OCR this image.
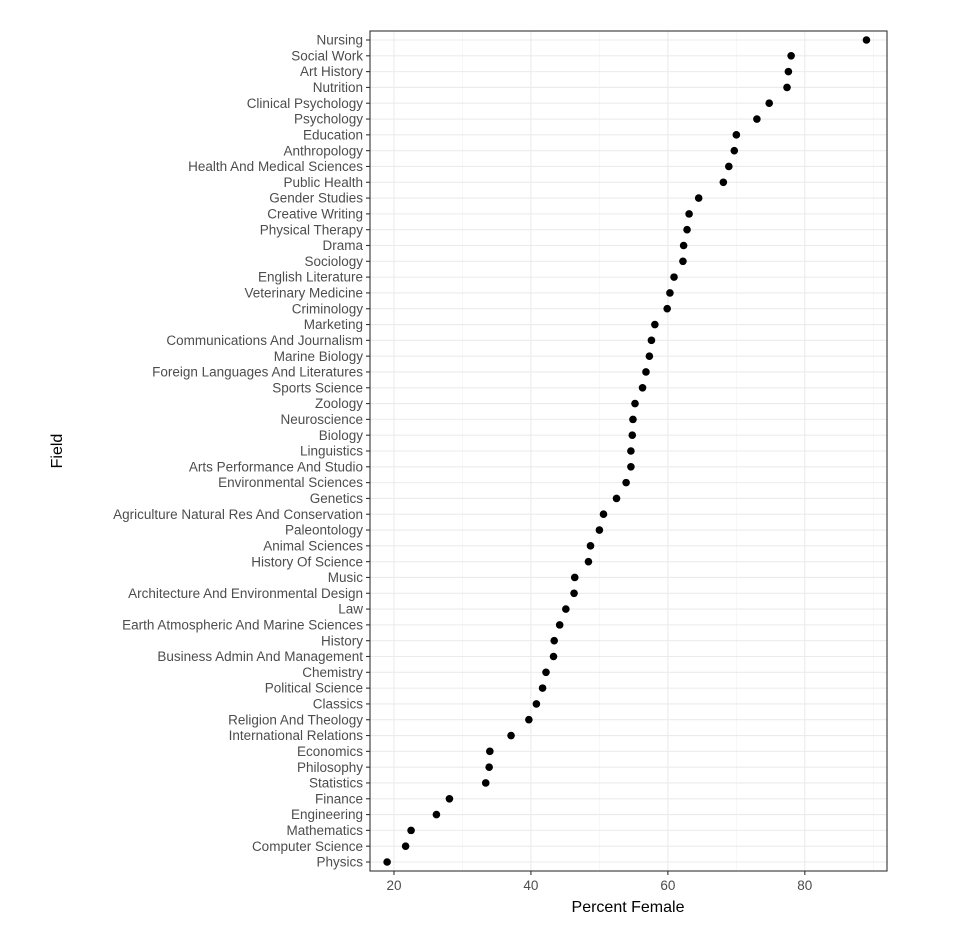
Nursing
Social Work
Art History
Nutrition
Clinical Psychology
Psychology
Education
Anthropology
Health And Medical Sciences
Public Health
Gender Studies
Creative Writing
Physical Therapy
Drama
Sociology
English Literature
Veterinary Medicine
Criminology
Marketing
Communications And Journalism
Marine Biology
Foreign Languages And Literatures
Sports Science
Zoology
Neuroscience
Biology
Linguistics
Arts Performance And Studio
Environmental Sciences
Genetics
Agriculture Natural Res And Conservation
Paleontology
Animal Sciences
History Of Science
Music
Architecture And Environmental Design
Law
Earth Atmospheric And Marine Sciences
History
Business Admin And Management
Chemistry
Political Science
Classics
Religion And Theology
International Relations
Economics
Philosophy
Statistics
Finance
Engineering
Mathematics
Computer Science
Physics
20	40	60	80
Percent Female
Field
